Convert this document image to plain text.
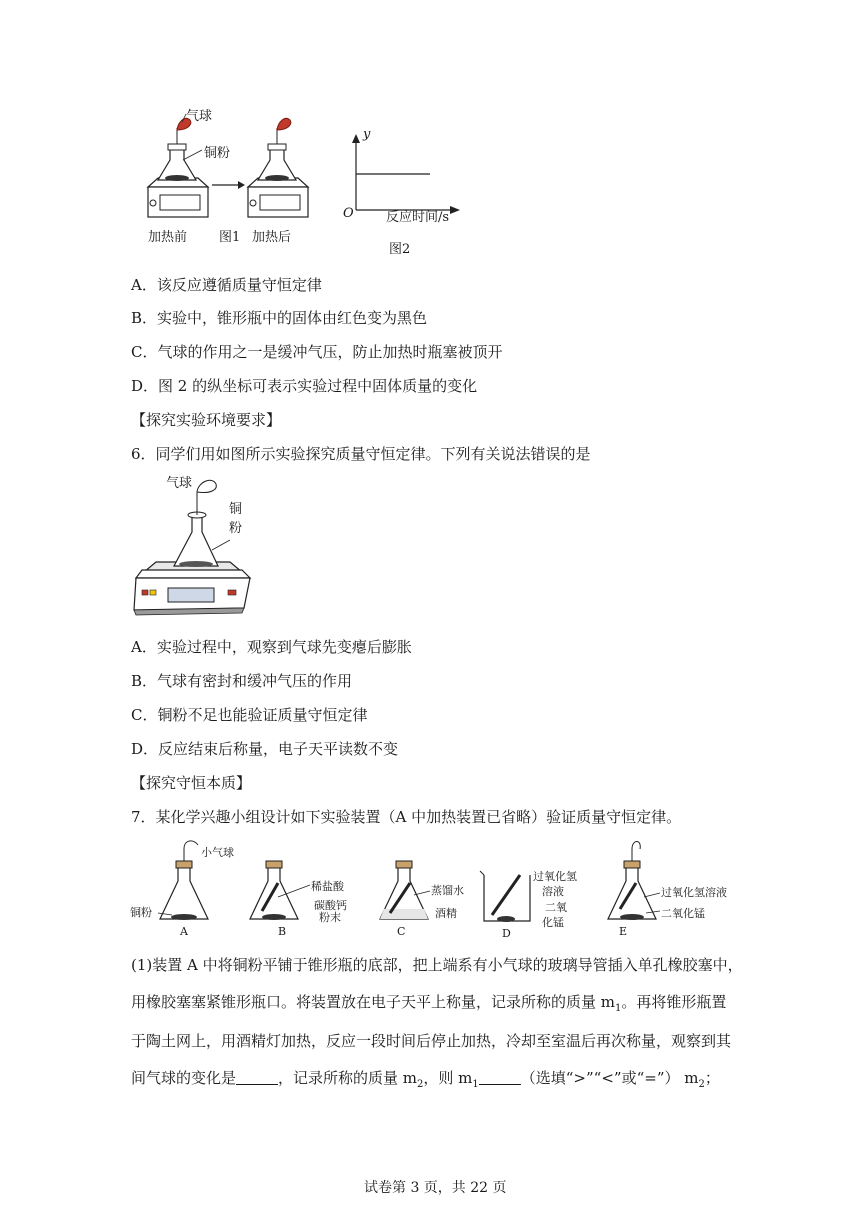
气球
铜粉
加热前 图1 加热后
y
O 反应时间/s
图2
A．该反应遵循质量守恒定律
B．实验中，锥形瓶中的固体由红色变为黑色
C．气球的作用之一是缓冲气压，防止加热时瓶塞被顶开
D．图 2 的纵坐标可表示实验过程中固体质量的变化
【探究实验环境要求】
6．同学们用如图所示实验探究质量守恒定律。下列有关说法错误的是
气球
铜
粉
A．实验过程中，观察到气球先变瘪后膨胀
B．气球有密封和缓冲气压的作用
C．铜粉不足也能验证质量守恒定律
D．反应结束后称量，电子天平读数不变
【探究守恒本质】
7．某化学兴趣小组设计如下实验装置（A 中加热装置已省略）验证质量守恒定律。
小气球
铜粉
A
稀盐酸
碳酸钙
粉末
B
蒸馏水
酒精
C
过氧化氢
溶液
二氧
化锰
D
过氧化氢溶液
二氧化锰
E
(1)装置 A 中将铜粉平铺于锥形瓶的底部，把上端系有小气球的玻璃导管插入单孔橡胶塞中，
用橡胶塞塞紧锥形瓶口。将装置放在电子天平上称量，记录所称的质量 $m_1$。再将锥形瓶置
于陶土网上，用酒精灯加热，反应一段时间后停止加热，冷却至室温后再次称量，观察到其
间气球的变化是	，记录所称的质量 $m_2$，则 $m_1$	（选填“>”“<”或“=”） $m_2$；
试卷第 3 页，共 22 页
